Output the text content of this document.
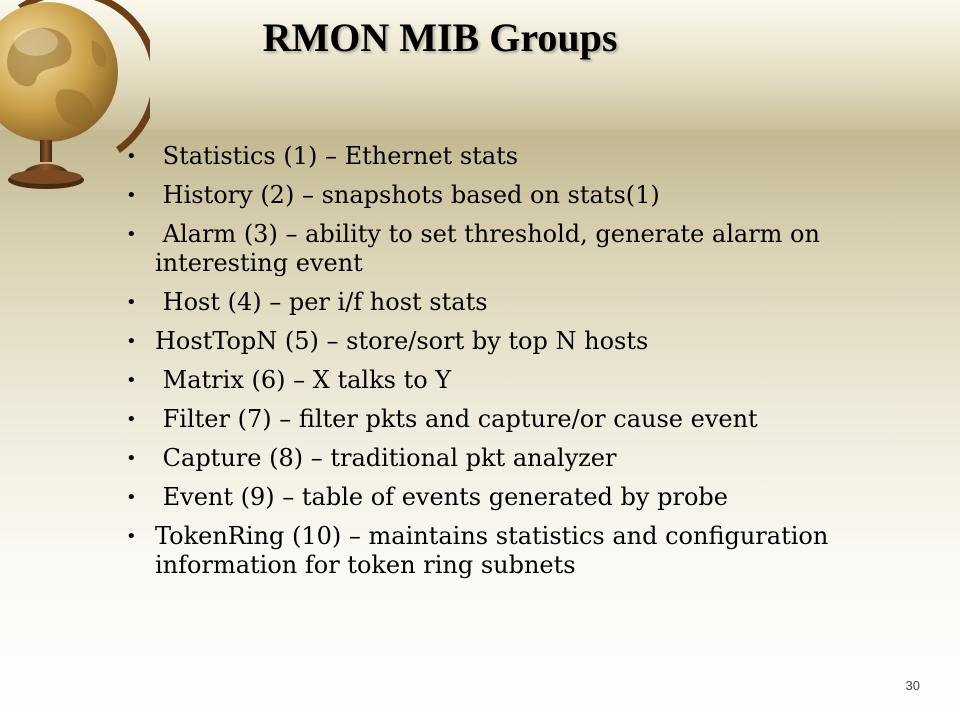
RMON MIB Groups
• Statistics (1) – Ethernet stats
• History (2) – snapshots based on stats(1)
• Alarm (3) – ability to set threshold, generate alarm on interesting event
• Host (4) – per i/f host stats
• HostTopN (5) – store/sort by top N hosts
• Matrix (6) – X talks to Y
• Filter (7) – filter pkts and capture/or cause event
• Capture (8) – traditional pkt analyzer
• Event (9) – table of events generated by probe
• TokenRing (10) – maintains statistics and configuration information for token ring subnets
30
